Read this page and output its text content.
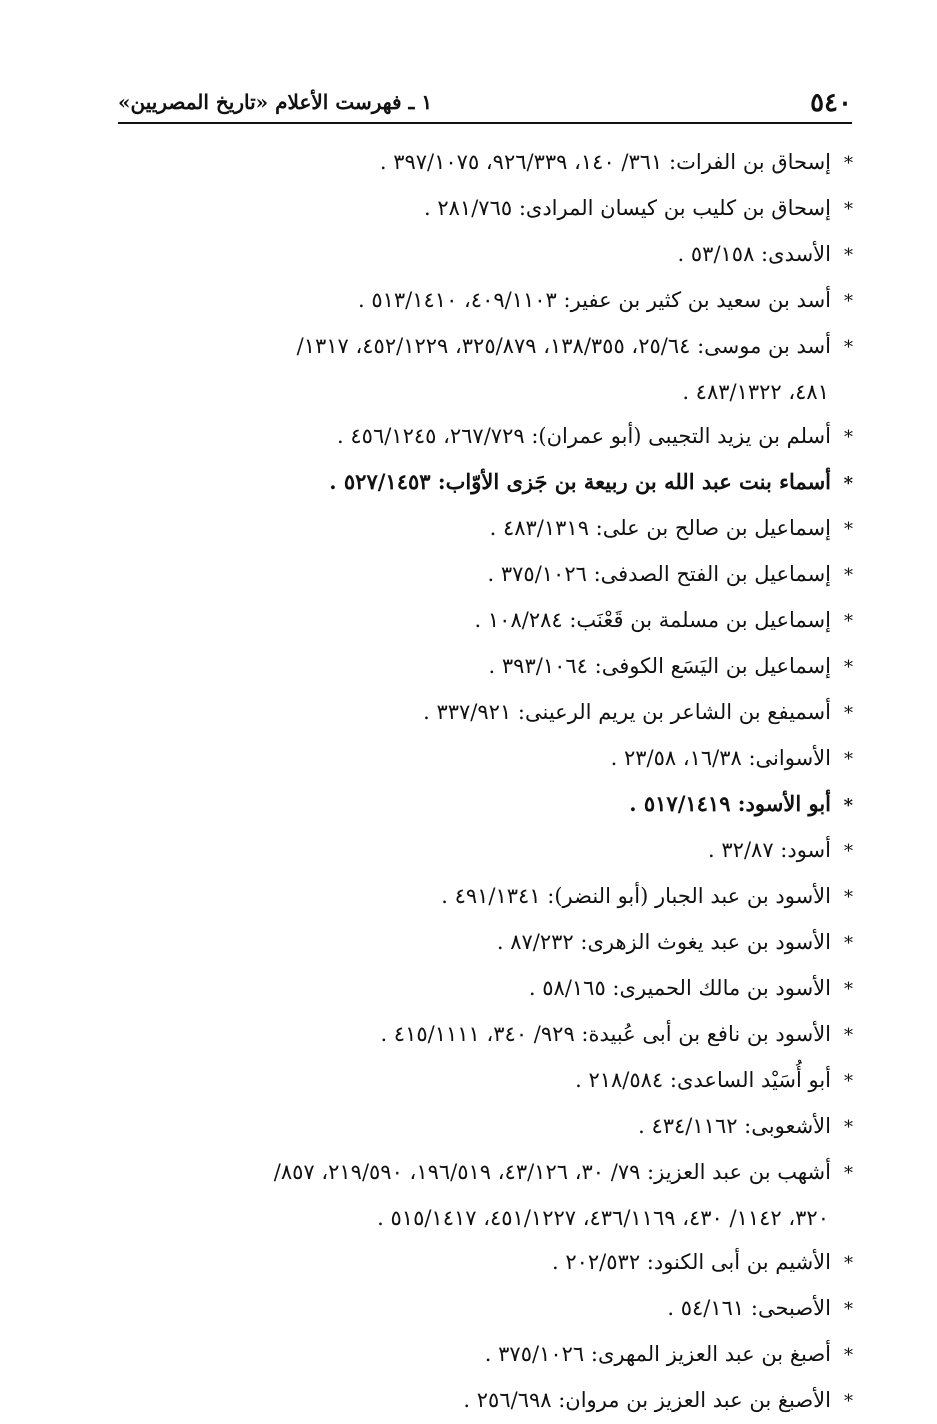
٥٤٠
١ ـ فهرست الأعلام «تاريخ المصريين»
*إسحاق بن الفرات: ٣٦١/ ١٤٠، ٩٢٦/٣٣٩، ٣٩٧/١٠٧٥ .
*إسحاق بن كليب بن كيسان المرادى: ٢٨١/٧٦٥ .
*الأسدى: ٥٣/١٥٨ .
*أسد بن سعيد بن كثير بن عفير: ٤٠٩/١١٠٣، ٥١٣/١٤١٠ .
*أسد بن موسى: ٢٥/٦٤، ١٣٨/٣٥٥، ٣٢٥/٨٧٩، ٤٥٢/١٢٢٩، ١٣١٧/
٤٨١، ٤٨٣/١٣٢٢ .
*أسلم بن يزيد التجيبى (أبو عمران): ٢٦٧/٧٢٩، ٤٥٦/١٢٤٥ .
*أسماء بنت عبد الله بن ربيعة بن جَزى الأوّاب: ٥٢٧/١٤٥٣ .
*إسماعيل بن صالح بن على: ٤٨٣/١٣١٩ .
*إسماعيل بن الفتح الصدفى: ٣٧٥/١٠٢٦ .
*إسماعيل بن مسلمة بن قَعْنَب: ١٠٨/٢٨٤ .
*إسماعيل بن اليَسَع الكوفى: ٣٩٣/١٠٦٤ .
*أسميفع بن الشاعر بن يريم الرعينى: ٣٣٧/٩٢١ .
*الأسوانى: ١٦/٣٨، ٢٣/٥٨ .
*أبو الأسود: ٥١٧/١٤١٩ .
*أسود: ٣٢/٨٧ .
*الأسود بن عبد الجبار (أبو النضر): ٤٩١/١٣٤١ .
*الأسود بن عبد يغوث الزهرى: ٨٧/٢٣٢ .
*الأسود بن مالك الحميرى: ٥٨/١٦٥ .
*الأسود بن نافع بن أبى عُبيدة: ٩٢٩/ ٣٤٠، ٤١٥/١١١١ .
*أبو أُسَيْد الساعدى: ٢١٨/٥٨٤ .
*الأشعوبى: ٤٣٤/١١٦٢ .
*أشهب بن عبد العزيز: ٧٩/ ٣٠، ٤٣/١٢٦، ١٩٦/٥١٩، ٢١٩/٥٩٠، ٨٥٧/
٣٢٠، ١١٤٢/ ٤٣٠، ٤٣٦/١١٦٩، ٤٥١/١٢٢٧، ٥١٥/١٤١٧ .
*الأشيم بن أبى الكنود: ٢٠٢/٥٣٢ .
*الأصبحى: ٥٤/١٦١ .
*أصبغ بن عبد العزيز المهرى: ٣٧٥/١٠٢٦ .
*الأصبغ بن عبد العزيز بن مروان: ٢٥٦/٦٩٨ .
